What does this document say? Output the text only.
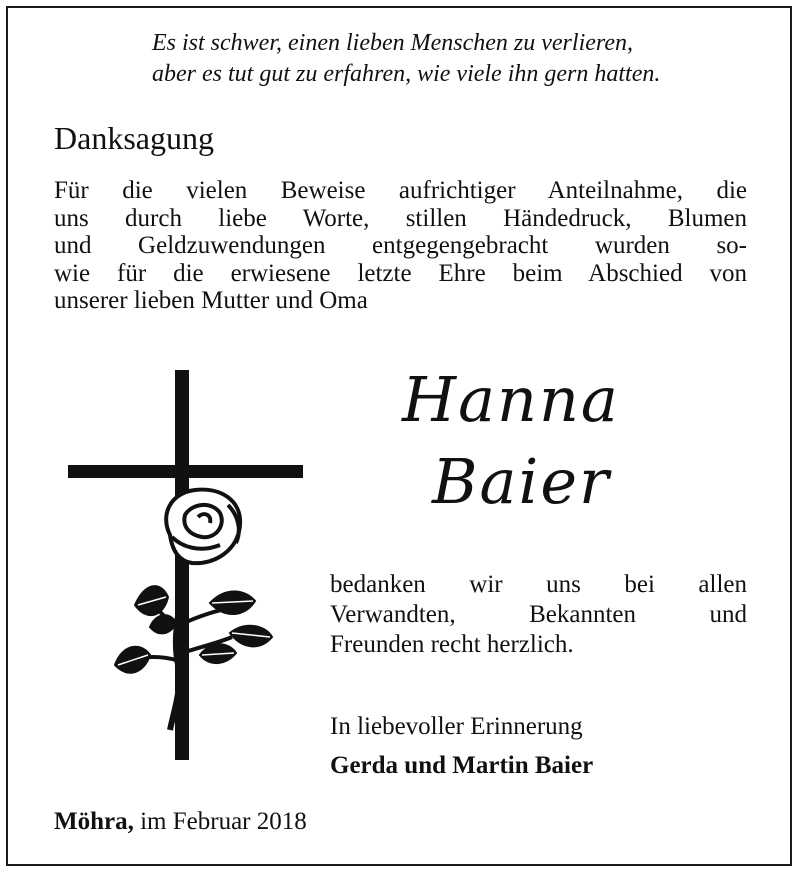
Es ist schwer, einen lieben Menschen zu verlieren,
aber es tut gut zu erfahren, wie viele ihn gern hatten.
Danksagung
Für die vielen Beweise aufrichtiger Anteilnahme, die
uns durch liebe Worte, stillen Händedruck, Blumen
und Geldzuwendungen entgegengebracht wurden so-
wie für die erwiesene letzte Ehre beim Abschied von
unserer lieben Mutter und Oma
Hanna
Baier
bedanken wir uns bei allen
Verwandten, Bekannten und
Freunden recht herzlich.
In liebevoller Erinnerung
Gerda und Martin Baier
Möhra, im Februar 2018
